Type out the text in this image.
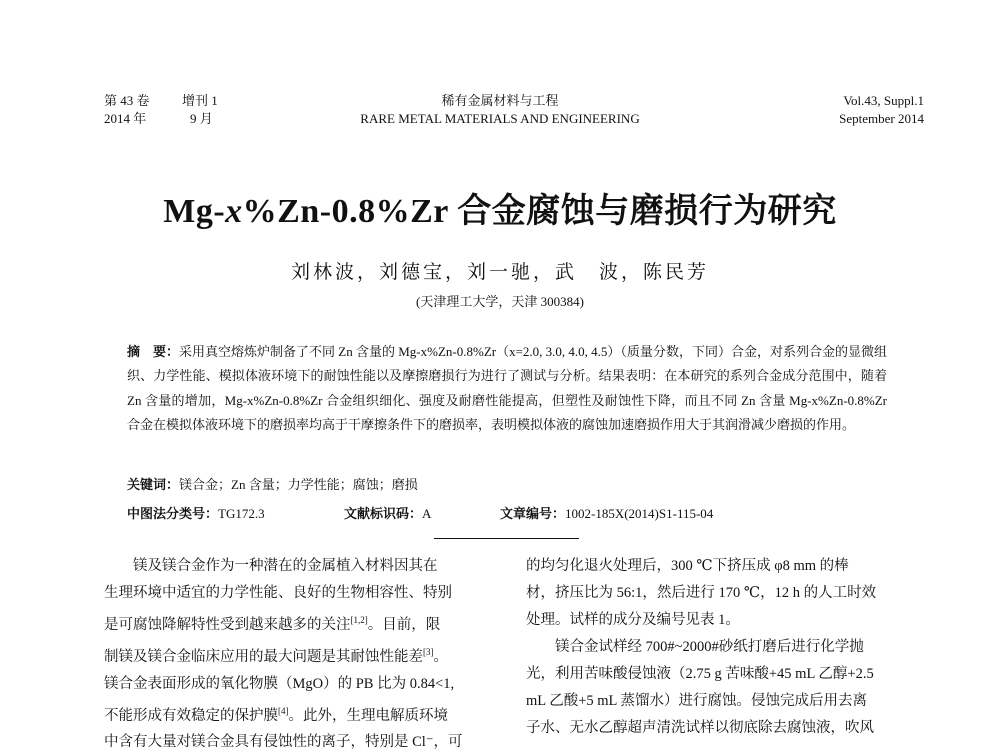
第 43 卷 增刊 1
2014 年	9 月
稀有金属材料与工程
RARE METAL MATERIALS AND ENGINEERING
Vol.43, Suppl.1
September 2014
Mg-x%Zn-0.8%Zr 合金腐蚀与磨损行为研究
刘林波，刘德宝，刘一驰，武　波，陈民芳
(天津理工大学，天津 300384)
摘　要：采用真空熔炼炉制备了不同 Zn 含量的 Mg-x%Zn-0.8%Zr（x=2.0, 3.0, 4.0, 4.5）（质量分数，下同）合金，对系列合金的显微组织、力学性能、模拟体液环境下的耐蚀性能以及摩擦磨损行为进行了测试与分析。结果表明：在本研究的系列合金成分范围中，随着 Zn 含量的增加，Mg-x%Zn-0.8%Zr 合金组织细化、强度及耐磨性能提高，但塑性及耐蚀性下降，而且不同 Zn 含量 Mg-x%Zn-0.8%Zr 合金在模拟体液环境下的磨损率均高于干摩擦条件下的磨损率，表明模拟体液的腐蚀加速磨损作用大于其润滑减少磨损的作用。
关键词：镁合金；Zn 含量；力学性能；腐蚀；磨损
中图法分类号：TG172.3	文献标识码：A	文章编号：1002-185X(2014)S1-115-04

镁及镁合金作为一种潜在的金属植入材料因其在

生理环境中适宜的力学性能、良好的生物相容性、特别

是可腐蚀降解特性受到越来越多的关注[1,2]。目前，限

制镁及镁合金临床应用的最大问题是其耐蚀性能差[3]。

镁合金表面形成的氧化物膜（MgO）的 PB 比为 0.84<1,

不能形成有效稳定的保护膜[4]。此外，生理电解质环境

中含有大量对镁合金具有侵蚀性的离子，特别是 Cl⁻，可

的均匀化退火处理后，300 ℃下挤压成 φ8 mm 的棒

材，挤压比为 56:1，然后进行 170 ℃，12 h 的人工时效

处理。试样的成分及编号见表 1。

镁合金试样经 700#~2000#砂纸打磨后进行化学抛

光，利用苦味酸侵蚀液（2.75 g 苦味酸+45 mL 乙醇+2.5

mL 乙酸+5 mL 蒸馏水）进行腐蚀。侵蚀完成后用去离

子水、无水乙醇超声清洗试样以彻底除去腐蚀液，吹风
